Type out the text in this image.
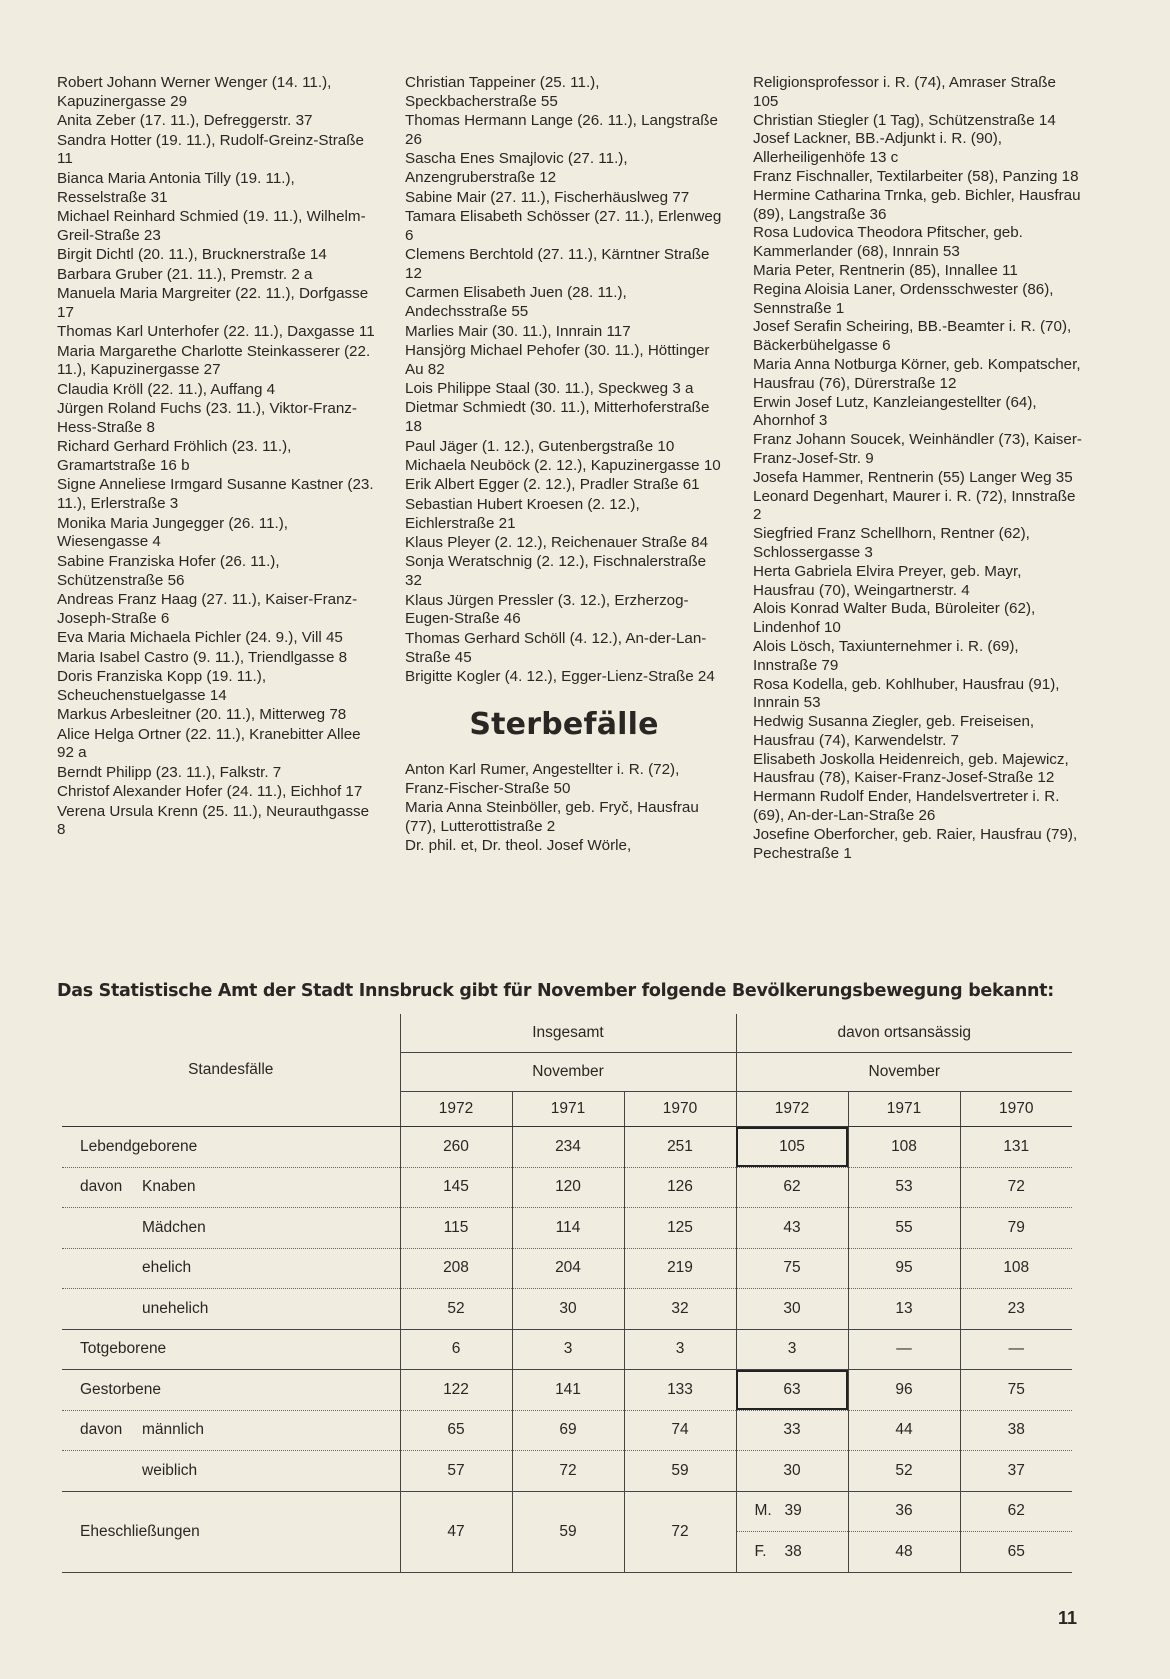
Robert Johann Werner Wenger (14. 11.), Kapuzinergasse 29

Anita Zeber (17. 11.), Defreggerstr. 37

Sandra Hotter (19. 11.), Rudolf-Greinz-Straße 11

Bianca Maria Antonia Tilly (19. 11.), Resselstraße 31

Michael Reinhard Schmied (19. 11.), Wilhelm-Greil-Straße 23

Birgit Dichtl (20. 11.), Brucknerstraße 14

Barbara Gruber (21. 11.), Premstr. 2 a

Manuela Maria Margreiter (22. 11.), Dorfgasse 17

Thomas Karl Unterhofer (22. 11.), Daxgasse 11

Maria Margarethe Charlotte Steinkasserer (22. 11.), Kapuzinergasse 27

Claudia Kröll (22. 11.), Auffang 4

Jürgen Roland Fuchs (23. 11.), Viktor-Franz-Hess-Straße 8

Richard Gerhard Fröhlich (23. 11.), Gramartstraße 16 b

Signe Anneliese Irmgard Susanne Kastner (23. 11.), Erlerstraße 3

Monika Maria Jungegger (26. 11.), Wiesengasse 4

Sabine Franziska Hofer (26. 11.), Schützenstraße 56

Andreas Franz Haag (27. 11.), Kaiser-Franz-Joseph-Straße 6

Eva Maria Michaela Pichler (24. 9.), Vill 45

Maria Isabel Castro (9. 11.), Triendlgasse 8

Doris Franziska Kopp (19. 11.), Scheuchenstuelgasse 14

Markus Arbesleitner (20. 11.), Mitterweg 78

Alice Helga Ortner (22. 11.), Kranebitter Allee 92 a

Berndt Philipp (23. 11.), Falkstr. 7

Christof Alexander Hofer (24. 11.), Eichhof 17

Verena Ursula Krenn (25. 11.), Neurauthgasse 8

Christian Tappeiner (25. 11.), Speckbacherstraße 55

Thomas Hermann Lange (26. 11.), Langstraße 26

Sascha Enes Smajlovic (27. 11.), Anzengruberstraße 12

Sabine Mair (27. 11.), Fischerhäuslweg 77

Tamara Elisabeth Schösser (27. 11.), Erlenweg 6

Clemens Berchtold (27. 11.), Kärntner Straße 12

Carmen Elisabeth Juen (28. 11.), Andechsstraße 55

Marlies Mair (30. 11.), Innrain 117

Hansjörg Michael Pehofer (30. 11.), Höttinger Au 82

Lois Philippe Staal (30. 11.), Speckweg 3 a

Dietmar Schmiedt (30. 11.), Mitterhoferstraße 18

Paul Jäger (1. 12.), Gutenbergstraße 10

Michaela Neuböck (2. 12.), Kapuzinergasse 10

Erik Albert Egger (2. 12.), Pradler Straße 61

Sebastian Hubert Kroesen (2. 12.), Eichlerstraße 21

Klaus Pleyer (2. 12.), Reichenauer Straße 84

Sonja Weratschnig (2. 12.), Fischnalerstraße 32

Klaus Jürgen Pressler (3. 12.), Erzherzog-Eugen-Straße 46

Thomas Gerhard Schöll (4. 12.), An-der-Lan-Straße 45

Brigitte Kogler (4. 12.), Egger-Lienz-Straße 24

Sterbefälle

Anton Karl Rumer, Angestellter i. R. (72), Franz-Fischer-Straße 50

Maria Anna Steinböller, geb. Fryč, Hausfrau (77), Lutterottistraße 2

Dr. phil. et, Dr. theol. Josef Wörle,

Religionsprofessor i. R. (74), Amraser Straße 105

Christian Stiegler (1 Tag), Schützenstraße 14

Josef Lackner, BB.-Adjunkt i. R. (90), Allerheiligenhöfe 13 c

Franz Fischnaller, Textilarbeiter (58), Panzing 18

Hermine Catharina Trnka, geb. Bichler, Hausfrau (89), Langstraße 36

Rosa Ludovica Theodora Pfitscher, geb. Kammerlander (68), Innrain 53

Maria Peter, Rentnerin (85), Innallee 11

Regina Aloisia Laner, Ordensschwester (86), Sennstraße 1

Josef Serafin Scheiring, BB.-Beamter i. R. (70), Bäckerbühelgasse 6

Maria Anna Notburga Körner, geb. Kompatscher, Hausfrau (76), Dürerstraße 12

Erwin Josef Lutz, Kanzleiangestellter (64), Ahornhof 3

Franz Johann Soucek, Weinhändler (73), Kaiser-Franz-Josef-Str. 9

Josefa Hammer, Rentnerin (55) Langer Weg 35

Leonard Degenhart, Maurer i. R. (72), Innstraße 2

Siegfried Franz Schellhorn, Rentner (62), Schlossergasse 3

Herta Gabriela Elvira Preyer, geb. Mayr, Hausfrau (70), Weingartnerstr. 4

Alois Konrad Walter Buda, Büroleiter (62), Lindenhof 10

Alois Lösch, Taxiunternehmer i. R. (69), Innstraße 79

Rosa Kodella, geb. Kohlhuber, Hausfrau (91), Innrain 53

Hedwig Susanna Ziegler, geb. Freiseisen, Hausfrau (74), Karwendelstr. 7

Elisabeth Joskolla Heidenreich, geb. Majewicz, Hausfrau (78), Kaiser-Franz-Josef-Straße 12

Hermann Rudolf Ender, Handelsvertreter i. R. (69), An-der-Lan-Straße 26

Josefine Oberforcher, geb. Raier, Hausfrau (79), Pechestraße 1

Das Statistische Amt der Stadt Innsbruck gibt für November folgende Bevölkerungsbewegung bekannt:
Standesfälle	Insgesamt			davon ortsansässig		
	November			November		
	1972	1971	1970	1972	1971	1970
Lebendgeborene	260	234	251	105	108	131
davon Knaben	145	120	126	62	53	72
Mädchen	115	114	125	43	55	79
ehelich	208	204	219	75	95	108
unehelich	52	30	32	30	13	23
Totgeborene	6	3	3	3	—	—
Gestorbene	122	141	133	63	96	75
davon männlich	65	69	74	33	44	38
weiblich	57	72	59	30	52	37
Eheschließungen	47	59	72	M. 39	36	62
				F. 38	48	65
11
